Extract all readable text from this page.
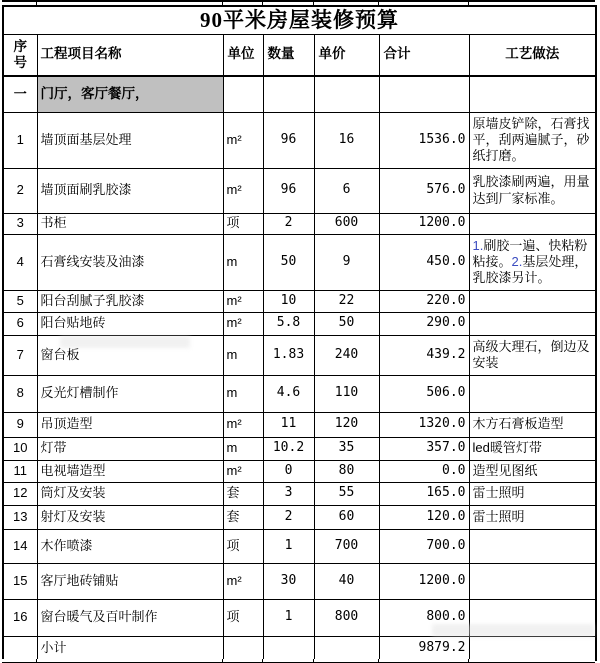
90平米房屋装修预算						
序
号	工程项目名称	单位	数量	单价	合计	工艺做法
一	门厅，客厅餐厅，					
1	墙顶面基层处理	m²	96	16	1536.0	原墙皮铲除，石膏找平，刮两遍腻子，砂纸打磨。
2	墙顶面刷乳胶漆	m²	96	6	576.0	乳胶漆刷两遍，用量达到厂家标准。
3	书柜	项	2	600	1200.0	
4	石膏线安装及油漆	m	50	9	450.0	1.刷胶一遍、快粘粉粘接。2.基层处理，乳胶漆另计。
5	阳台刮腻子乳胶漆	m²	10	22	220.0	
6	阳台贴地砖	m²	5.8	50	290.0	
7	窗台板	m	1.83	240	439.2	高级大理石，倒边及安装
8	反光灯槽制作	m	4.6	110	506.0	
9	吊顶造型	m²	11	120	1320.0	木方石膏板造型
10	灯带	m	10.2	35	357.0	led暖管灯带
11	电视墙造型	m²	0	80	0.0	造型见图纸
12	筒灯及安装	套	3	55	165.0	雷士照明
13	射灯及安装	套	2	60	120.0	雷士照明
14	木作喷漆	项	1	700	700.0	
15	客厅地砖铺贴	m²	30	40	1200.0	
16	窗台暖气及百叶制作	项	1	800	800.0	
	小计				9879.2	
